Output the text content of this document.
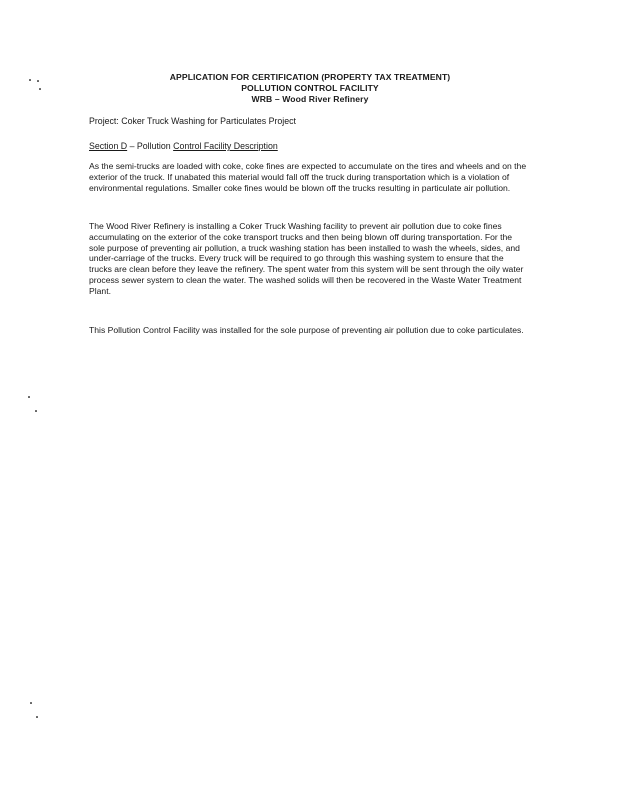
APPLICATION FOR CERTIFICATION (PROPERTY TAX TREATMENT)
POLLUTION CONTROL FACILITY
WRB – Wood River Refinery
Project: Coker Truck Washing for Particulates Project
Section D – Pollution Control Facility Description
As the semi-trucks are loaded with coke, coke fines are expected to accumulate on the tires and wheels and on the exterior of the truck. If unabated this material would fall off the truck during transportation which is a violation of environmental regulations. Smaller coke fines would be blown off the trucks resulting in particulate air pollution.
The Wood River Refinery is installing a Coker Truck Washing facility to prevent air pollution due to coke fines accumulating on the exterior of the coke transport trucks and then being blown off during transportation. For the sole purpose of preventing air pollution, a truck washing station has been installed to wash the wheels, sides, and under-carriage of the trucks. Every truck will be required to go through this washing system to ensure that the trucks are clean before they leave the refinery. The spent water from this system will be sent through the oily water process sewer system to clean the water. The washed solids will then be recovered in the Waste Water Treatment Plant.
This Pollution Control Facility was installed for the sole purpose of preventing air pollution due to coke particulates.
